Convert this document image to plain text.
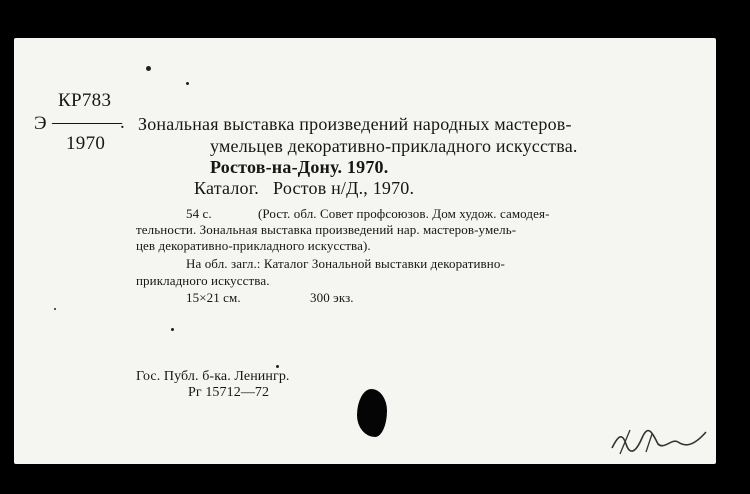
КР783
Э ————.
1970
Зональная выставка произведений народных мастеров-
умельцев декоративно-прикладного искусства.
Ростов-на-Дону. 1970.
Каталог.   Ростов н/Д., 1970.
54 с.	(Рост. обл. Совет профсоюзов. Дом худож. самодея-
тельности. Зональная выставка произведений нар. мастеров-умель-
цев декоративно-прикладного искусства).
На обл. загл.: Каталог Зональной выставки декоративно-
прикладного искусства.
15×21 см.	300 экз.
Гос. Публ. б-ка. Ленингр.
Рг 15712—72
